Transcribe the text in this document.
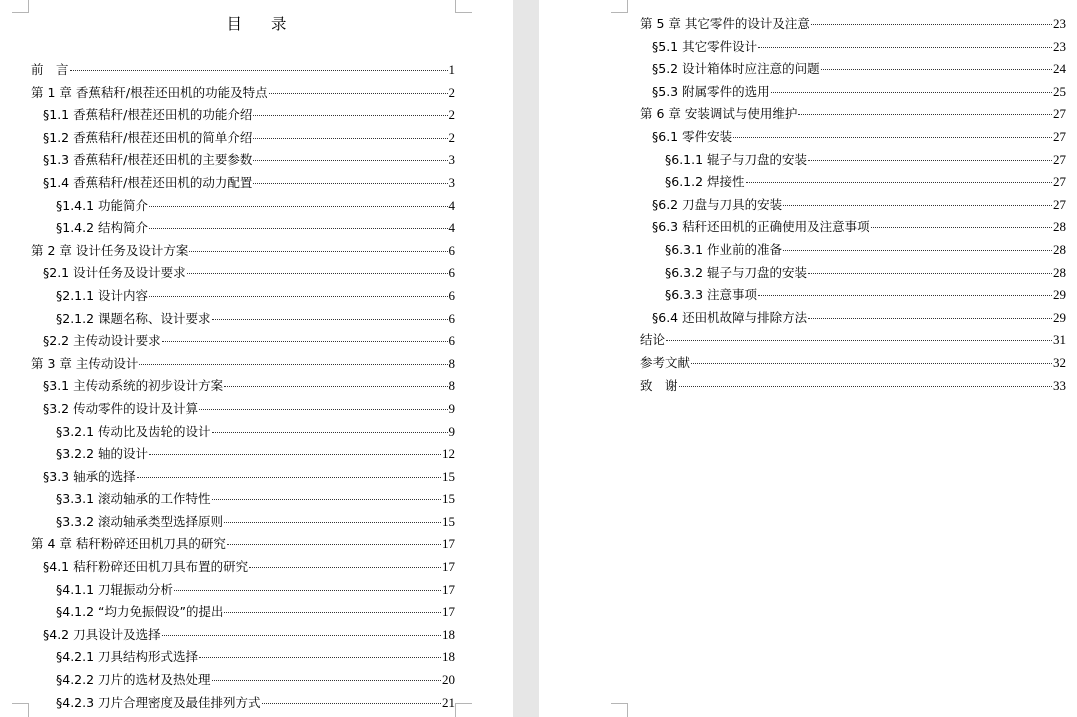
目 录
前　言	1
第 1 章 香蕉秸秆/根茬还田机的功能及特点	2
§1.1 香蕉秸秆/根茬还田机的功能介绍	2
§1.2 香蕉秸秆/根茬还田机的简单介绍	2
§1.3 香蕉秸秆/根茬还田机的主要参数	3
§1.4 香蕉秸秆/根茬还田机的动力配置	3
§1.4.1 功能简介	4
§1.4.2 结构简介	4
第 2 章 设计任务及设计方案	6
§2.1 设计任务及设计要求	6
§2.1.1 设计内容	6
§2.1.2 课题名称、设计要求	6
§2.2 主传动设计要求	6
第 3 章 主传动设计	8
§3.1 主传动系统的初步设计方案	8
§3.2 传动零件的设计及计算	9
§3.2.1 传动比及齿轮的设计	9
§3.2.2 轴的设计	12
§3.3 轴承的选择	15
§3.3.1 滚动轴承的工作特性	15
§3.3.2 滚动轴承类型选择原则	15
第 4 章 秸秆粉碎还田机刀具的研究	17
§4.1 秸秆粉碎还田机刀具布置的研究	17
§4.1.1 刀辊振动分析	17
§4.1.2 “均力免振假设”的提出	17
§4.2 刀具设计及选择	18
§4.2.1 刀具结构形式选择	18
§4.2.2 刀片的选材及热处理	20
§4.2.3 刀片合理密度及最佳排列方式	21
第 5 章 其它零件的设计及注意	23
§5.1 其它零件设计	23
§5.2 设计箱体时应注意的问题	24
§5.3 附属零件的选用	25
第 6 章 安装调试与使用维护	27
§6.1 零件安装	27
§6.1.1 辊子与刀盘的安装	27
§6.1.2 焊接性	27
§6.2 刀盘与刀具的安装	27
§6.3 秸秆还田机的正确使用及注意事项	28
§6.3.1 作业前的准备	28
§6.3.2 辊子与刀盘的安装	28
§6.3.3 注意事项	29
§6.4 还田机故障与排除方法	29
结论	31
参考文献	32
致　谢	33
